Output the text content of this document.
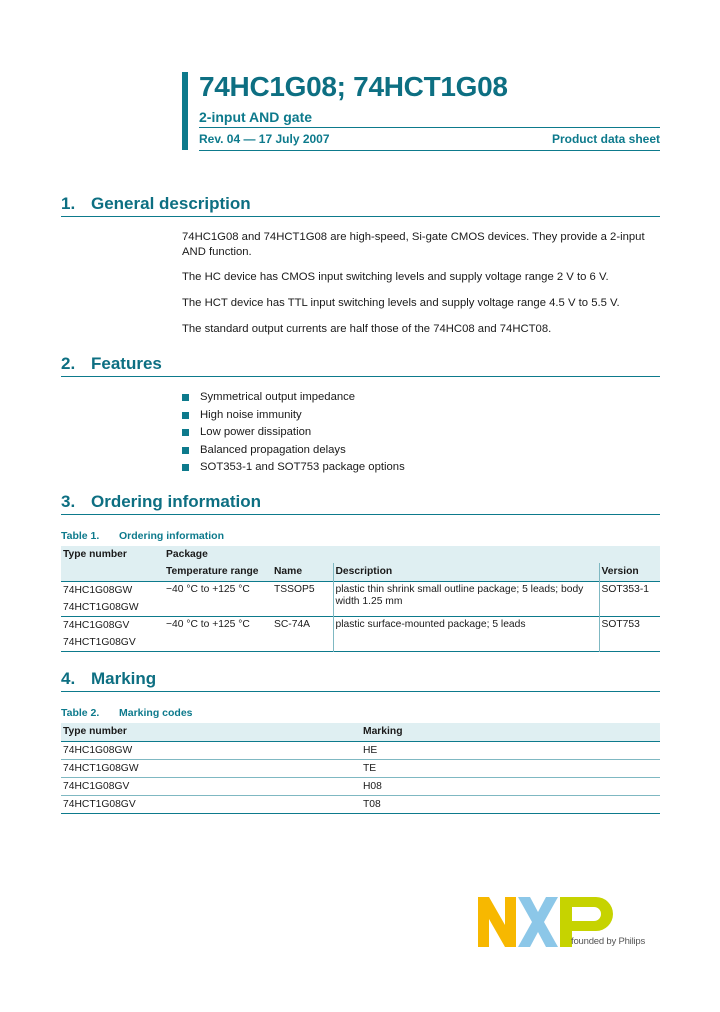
74HC1G08; 74HCT1G08
2-input AND gate
Rev. 04 — 17 July 2007	Product data sheet
1. General description
74HC1G08 and 74HCT1G08 are high-speed, Si-gate CMOS devices. They provide a 2-input AND function.
The HC device has CMOS input switching levels and supply voltage range 2 V to 6 V.
The HCT device has TTL input switching levels and supply voltage range 4.5 V to 5.5 V.
The standard output currents are half those of the 74HC08 and 74HCT08.
2. Features
Symmetrical output impedance
High noise immunity
Low power dissipation
Balanced propagation delays
SOT353-1 and SOT753 package options
3. Ordering information
Table 1. Ordering information
Type number	Package			
	Temperature range	Name	Description	Version
74HC1G08GW	−40 °C to +125 °C	TSSOP5	plastic thin shrink small outline package; 5 leads; body width 1.25 mm	SOT353-1
74HCT1G08GW				
74HC1G08GV	−40 °C to +125 °C	SC-74A	plastic surface-mounted package; 5 leads	SOT753
74HCT1G08GV				
4. Marking
Table 2. Marking codes
Type number	Marking
74HC1G08GW	HE
74HCT1G08GW	TE
74HC1G08GV	H08
74HCT1G08GV	T08
founded by Philips
